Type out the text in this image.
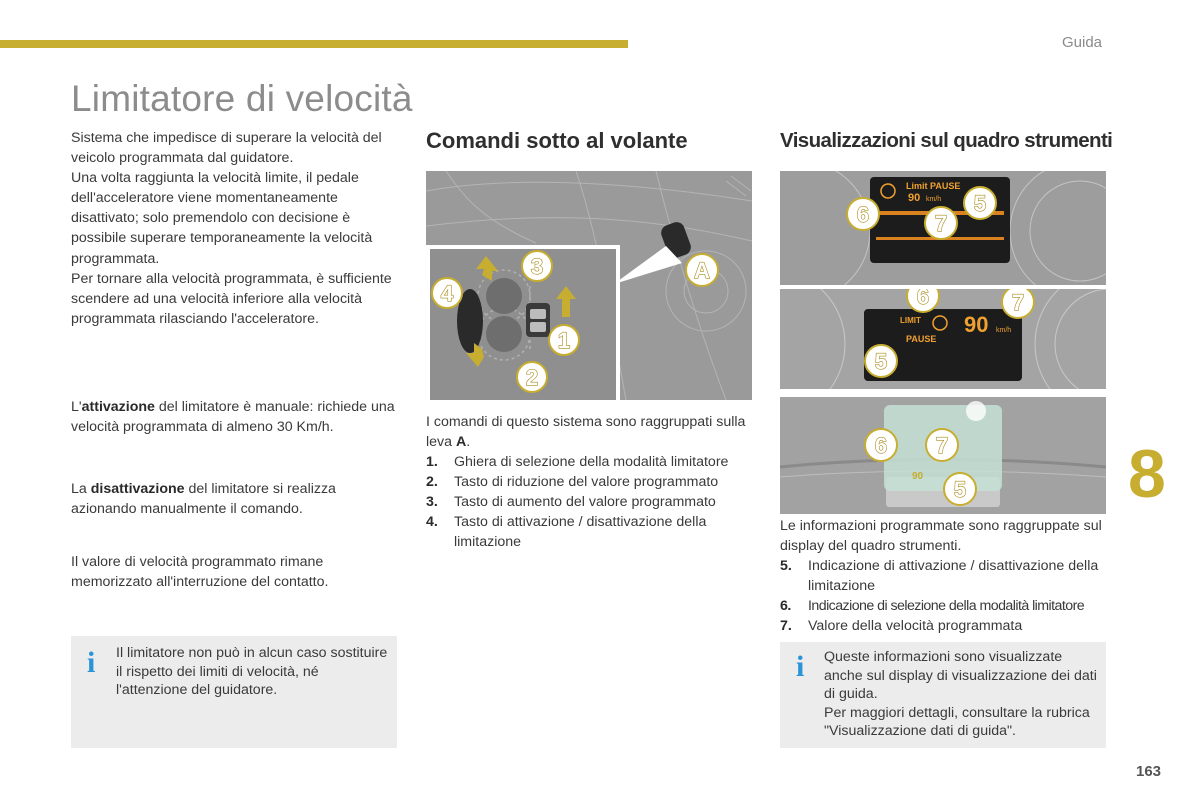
Guida
Limitatore di velocità
Sistema che impedisce di superare la velocità del veicolo programmata dal guidatore.
Una volta raggiunta la velocità limite, il pedale dell'acceleratore viene momentaneamente disattivato; solo premendolo con decisione è possibile superare temporaneamente la velocità programmata.
Per tornare alla velocità programmata, è sufficiente scendere ad una velocità inferiore alla velocità programmata rilasciando l'acceleratore.
L'attivazione del limitatore è manuale: richiede una velocità programmata di almeno 30 Km/h.
La disattivazione del limitatore si realizza azionando manualmente il comando.
Il valore di velocità programmato rimane memorizzato all'interruzione del contatto.
i Il limitatore non può in alcun caso sostituire il rispetto dei limiti di velocità, né l'attenzione del guidatore.
Comandi sotto al volante
3
4
1
2
A
I comandi di questo sistema sono raggruppati sulla leva A.
1. Ghiera di selezione della modalità limitatore
2. Tasto di riduzione del valore programmato
3. Tasto di aumento del valore programmato
4. Tasto di attivazione / disattivazione della limitazione
Visualizzazioni sul quadro strumenti
Limit PAUSE
90 km/h
6	7
5
LIMIT 90 km/h
PAUSE
6	7
5
90
6 7
5
Le informazioni programmate sono raggruppate sul display del quadro strumenti.
5. Indicazione di attivazione / disattivazione della limitazione
6. Indicazione di selezione della modalità limitatore
7. Valore della velocità programmata
i Queste informazioni sono visualizzate anche sul display di visualizzazione dei dati di guida.
Per maggiori dettagli, consultare la rubrica "Visualizzazione dati di guida".
8
163
